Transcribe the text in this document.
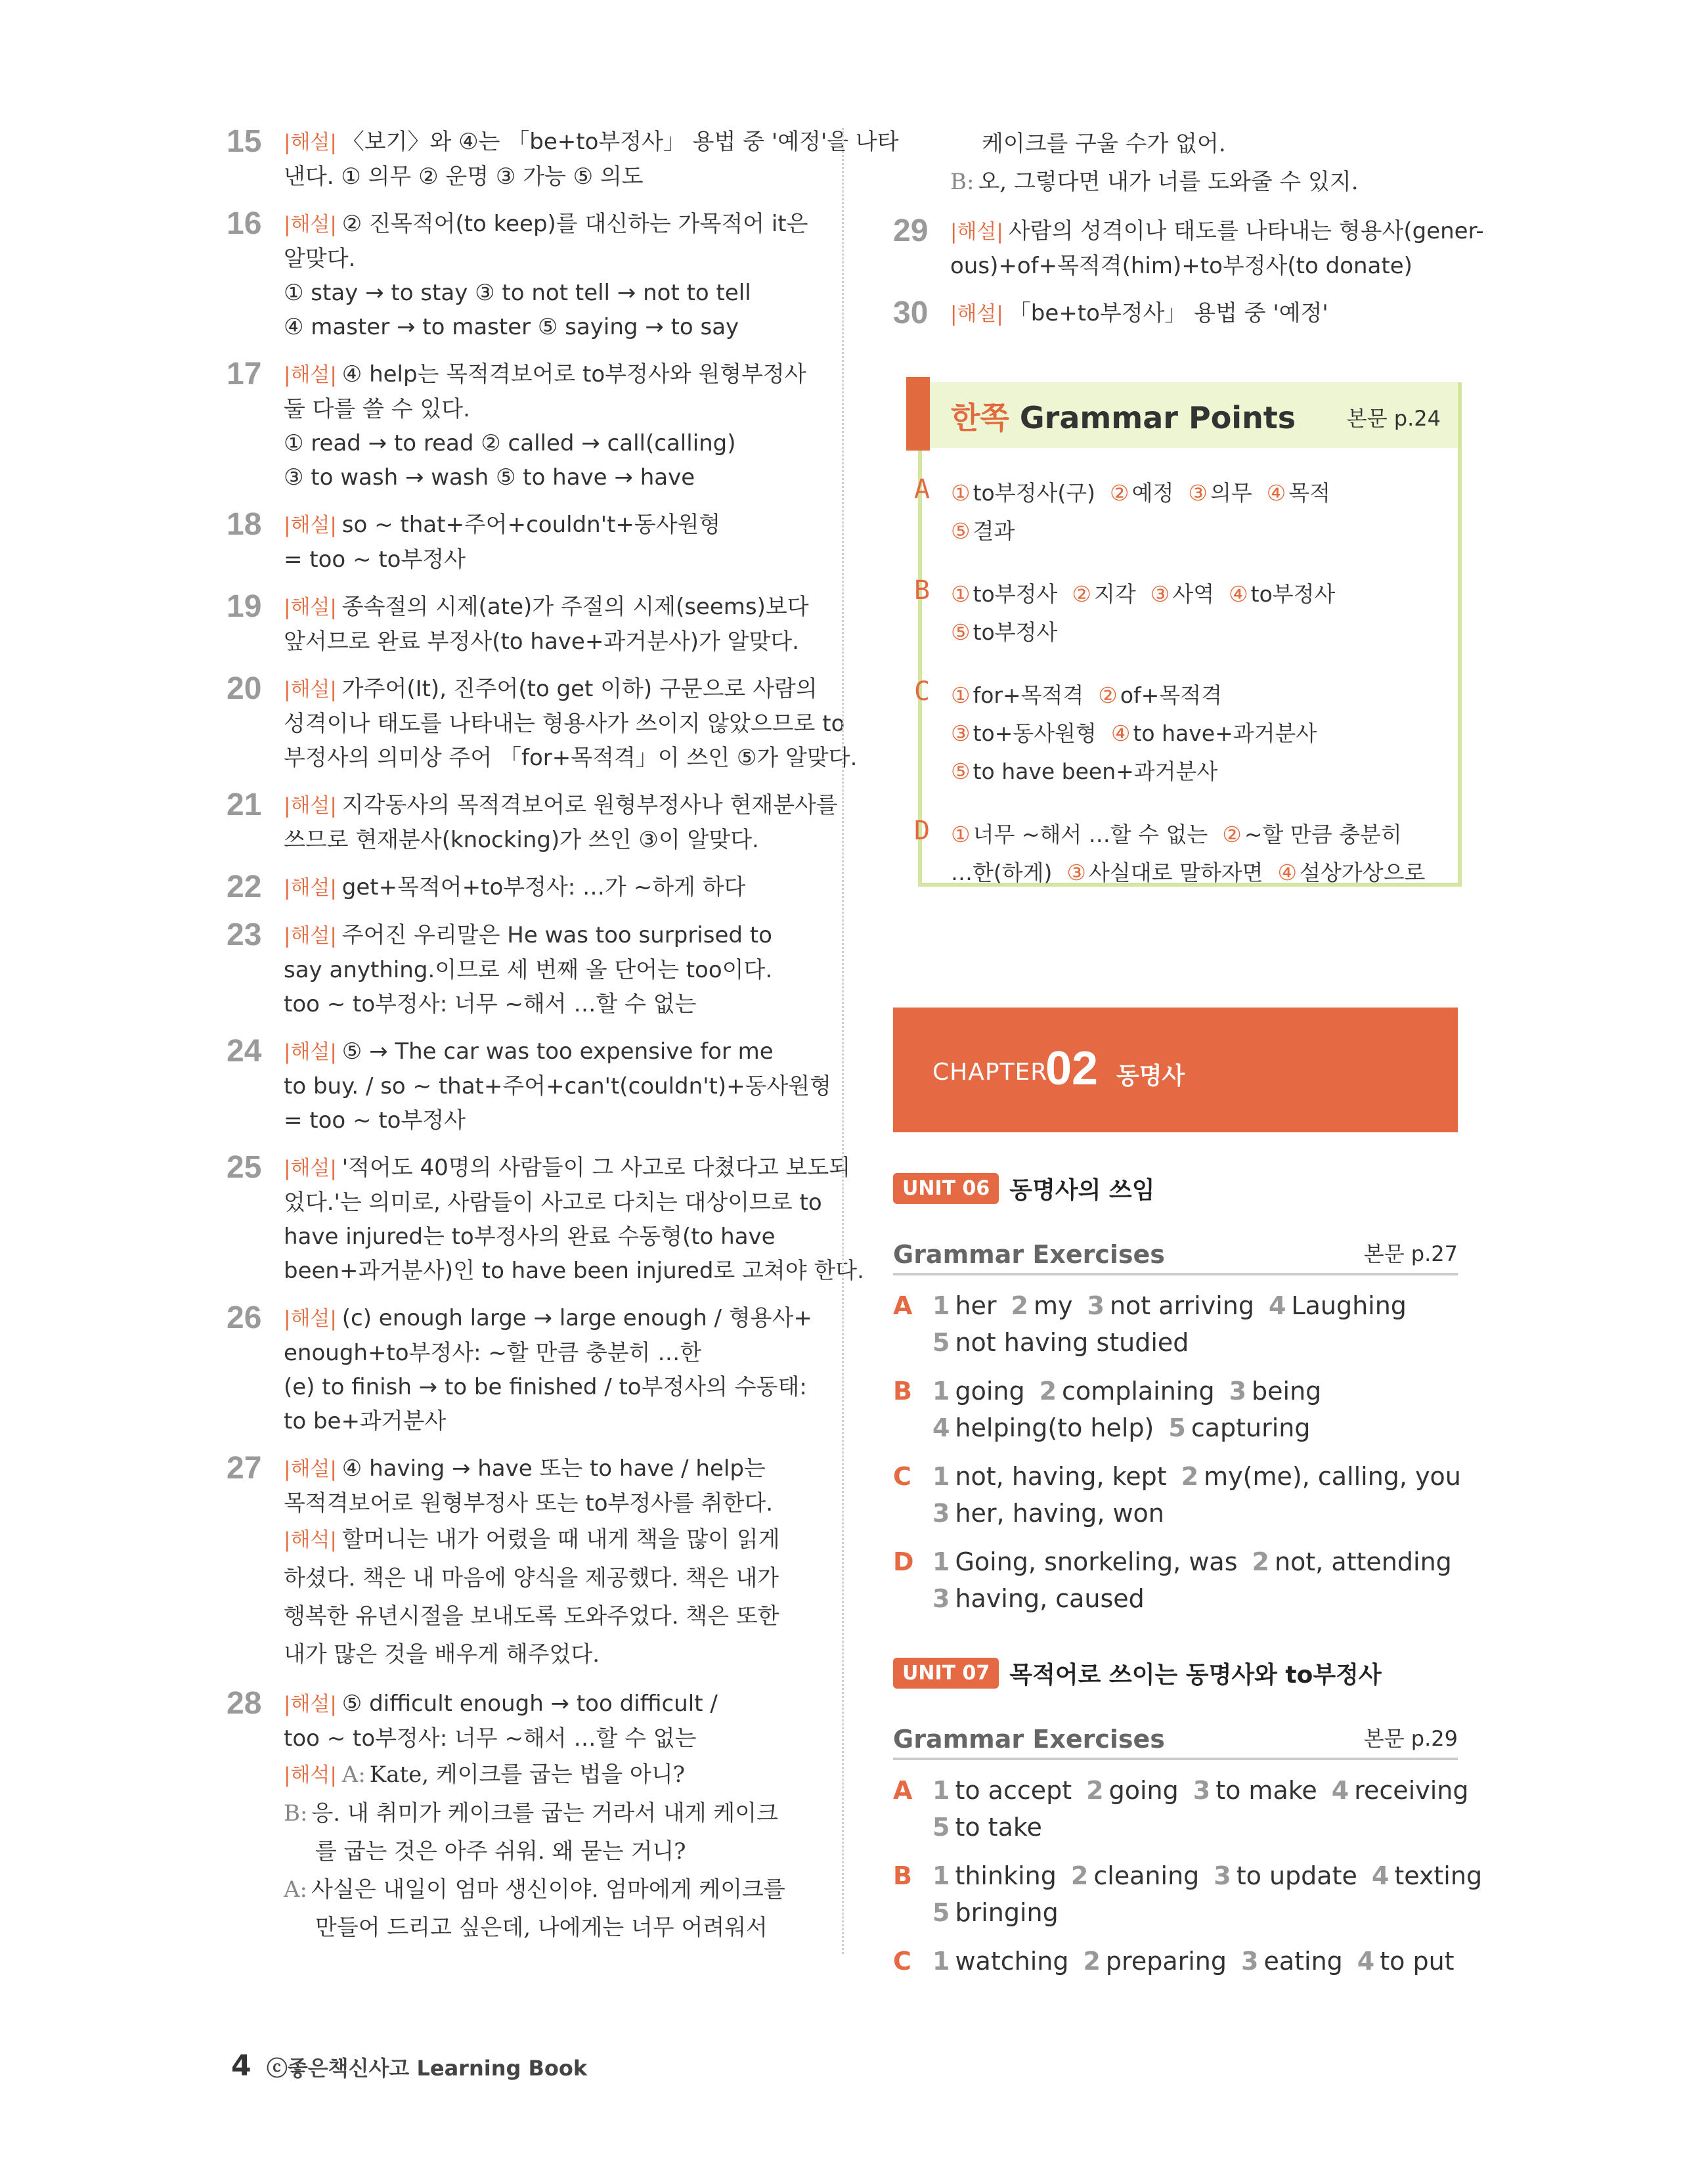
15 |해설| 〈보기〉와 ④는 「be+to부정사」 용법 중 '예정'을 나타
낸다. ① 의무 ② 운명 ③ 가능 ⑤ 의도
16 |해설| ② 진목적어(to keep)를 대신하는 가목적어 it은
알맞다.
① stay → to stay ③ to not tell → not to tell
④ master → to master ⑤ saying → to say
17 |해설| ④ help는 목적격보어로 to부정사와 원형부정사
둘 다를 쓸 수 있다.
① read → to read ② called → call(calling)
③ to wash → wash ⑤ to have → have
18 |해설| so ~ that+주어+couldn't+동사원형
= too ~ to부정사
19 |해설| 종속절의 시제(ate)가 주절의 시제(seems)보다
앞서므로 완료 부정사(to have+과거분사)가 알맞다.
20 |해설| 가주어(It), 진주어(to get 이하) 구문으로 사람의
성격이나 태도를 나타내는 형용사가 쓰이지 않았으므로 to
부정사의 의미상 주어 「for+목적격」이 쓰인 ⑤가 알맞다.
21 |해설| 지각동사의 목적격보어로 원형부정사나 현재분사를
쓰므로 현재분사(knocking)가 쓰인 ③이 알맞다.
22 |해설| get+목적어+to부정사: …가 ~하게 하다
23 |해설| 주어진 우리말은 He was too surprised to
say anything.이므로 세 번째 올 단어는 too이다.
too ~ to부정사: 너무 ~해서 …할 수 없는
24 |해설| ⑤ → The car was too expensive for me
to buy. / so ~ that+주어+can't(couldn't)+동사원형
= too ~ to부정사
25 |해설| '적어도 40명의 사람들이 그 사고로 다쳤다고 보도되
었다.'는 의미로, 사람들이 사고로 다치는 대상이므로 to
have injured는 to부정사의 완료 수동형(to have
been+과거분사)인 to have been injured로 고쳐야 한다.
26 |해설| (c) enough large → large enough / 형용사+
enough+to부정사: ~할 만큼 충분히 …한
(e) to finish → to be finished / to부정사의 수동태:
to be+과거분사
27 |해설| ④ having → have 또는 to have / help는
목적격보어로 원형부정사 또는 to부정사를 취한다.
|해석| 할머니는 내가 어렸을 때 내게 책을 많이 읽게
하셨다. 책은 내 마음에 양식을 제공했다. 책은 내가
행복한 유년시절을 보내도록 도와주었다. 책은 또한
내가 많은 것을 배우게 해주었다.
28 |해설| ⑤ difficult enough → too difficult /
too ~ to부정사: 너무 ~해서 …할 수 없는
|해석| A: Kate, 케이크를 굽는 법을 아니?
B: 응. 내 취미가 케이크를 굽는 거라서 내게 케이크
를 굽는 것은 아주 쉬워. 왜 묻는 거니?
A: 사실은 내일이 엄마 생신이야. 엄마에게 케이크를
만들어 드리고 싶은데, 나에게는 너무 어려워서
케이크를 구울 수가 없어.
B: 오, 그렇다면 내가 너를 도와줄 수 있지.
29 |해설| 사람의 성격이나 태도를 나타내는 형용사(gener-
ous)+of+목적격(him)+to부정사(to donate)
30 |해설| 「be+to부정사」 용법 중 '예정'
한쪽 Grammar Points 본문 p.24
A ① to부정사(구) ② 예정 ③ 의무 ④ 목적
⑤ 결과
B ① to부정사 ② 지각 ③ 사역 ④ to부정사
⑤ to부정사
C ① for+목적격 ② of+목적격
③ to+동사원형 ④ to have+과거분사
⑤ to have been+과거분사
D ① 너무 ~해서 …할 수 없는 ② ~할 만큼 충분히
…한(하게) ③ 사실대로 말하자면 ④ 설상가상으로
CHAPTER
02 동명사
UNIT 06 동명사의 쓰임
Grammar Exercises	본문 p.27
A 1 her 2 my 3 not arriving 4 Laughing
5 not having studied
B 1 going 2 complaining 3 being
4 helping(to help) 5 capturing
C 1 not, having, kept 2 my(me), calling, you
3 her, having, won
D 1 Going, snorkeling, was 2 not, attending
3 having, caused
UNIT 07 목적어로 쓰이는 동명사와 to부정사
Grammar Exercises	본문 p.29
A 1 to accept 2 going 3 to make 4 receiving
5 to take
B 1 thinking 2 cleaning 3 to update 4 texting
5 bringing
C 1 watching 2 preparing 3 eating 4 to put
4 ⓒ좋은책신사고 Learning Book
